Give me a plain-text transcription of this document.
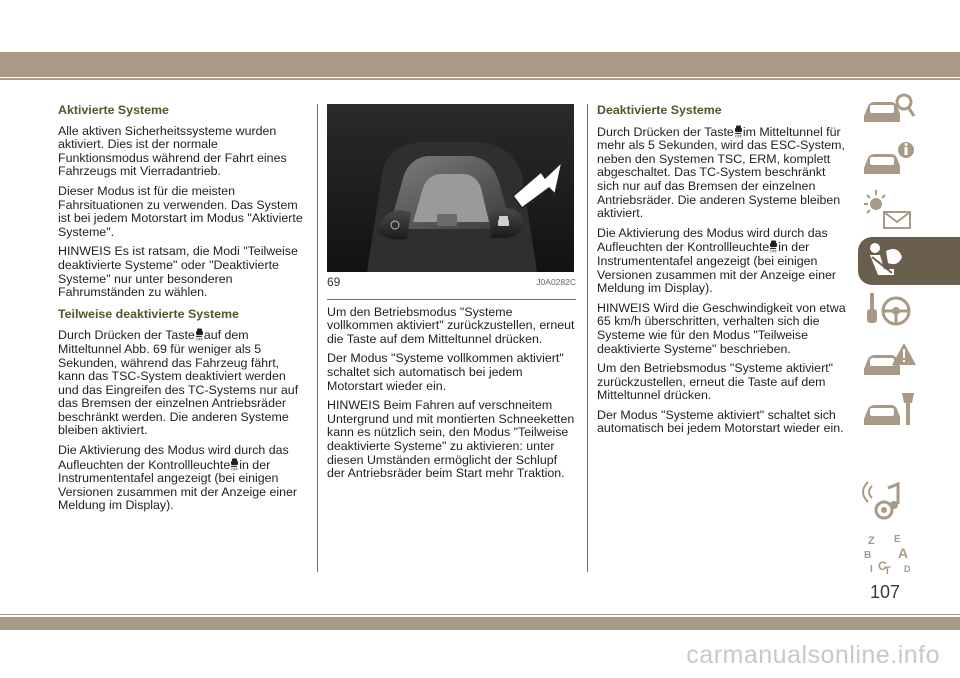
Aktivierte Systeme

Alle aktiven Sicherheitssysteme wurden aktiviert. Dies ist der normale Funktionsmodus während der Fahrt eines Fahrzeugs mit Vierradantrieb.

Dieser Modus ist für die meisten Fahrsituationen zu verwenden. Das System ist bei jedem Motorstart im Modus "Aktivierte Systeme".

HINWEIS Es ist ratsam, die Modi "Teilweise deaktivierte Systeme" oder "Deaktivierte Systeme" nur unter besonderen Fahrumständen zu wählen.

Teilweise deaktivierte Systeme

Durch Drücken der Taste OFF auf dem Mitteltunnel Abb. 69 für weniger als 5 Sekunden, während das Fahrzeug fährt, kann das TSC-System deaktiviert werden und das Eingreifen des TC-Systems nur auf das Bremsen der einzelnen Antriebsräder beschränkt werden. Die anderen Systeme bleiben aktiviert.

Die Aktivierung des Modus wird durch das Aufleuchten der Kontrollleuchte OFF in der Instrumententafel angezeigt (bei einigen Versionen zusammen mit der Anzeige einer Meldung im Display).

69	J0A0282C

Um den Betriebsmodus "Systeme vollkommen aktiviert" zurückzustellen, erneut die Taste auf dem Mitteltunnel drücken.

Der Modus "Systeme vollkommen aktiviert" schaltet sich automatisch bei jedem Motorstart wieder ein.

HINWEIS Beim Fahren auf verschneitem Untergrund und mit montierten Schneeketten kann es nützlich sein, den Modus "Teilweise deaktivierte Systeme" zu aktivieren: unter diesen Umständen ermöglicht der Schlupf der Antriebsräder beim Start mehr Traktion.

Deaktivierte Systeme

Durch Drücken der Taste OFF im Mitteltunnel für mehr als 5 Sekunden, wird das ESC-System, neben den Systemen TSC, ERM, komplett abgeschaltet. Das TC-System beschränkt sich nur auf das Bremsen der einzelnen Antriebsräder. Die anderen Systeme bleiben aktiviert.

Die Aktivierung des Modus wird durch das Aufleuchten der Kontrollleuchte OFF in der Instrumententafel angezeigt (bei einigen Versionen zusammen mit der Anzeige einer Meldung im Display).

HINWEIS Wird die Geschwindigkeit von etwa 65 km/h überschritten, verhalten sich die Systeme wie für den Modus "Teilweise deaktivierte Systeme" beschrieben.

Um den Betriebsmodus "Systeme aktiviert" zurückzustellen, erneut die Taste auf dem Mitteltunnel drücken.

Der Modus "Systeme aktiviert" schaltet sich automatisch bei jedem Motorstart wieder ein.

Z E
B A
I C
T D
107
carmanualsonline.info
